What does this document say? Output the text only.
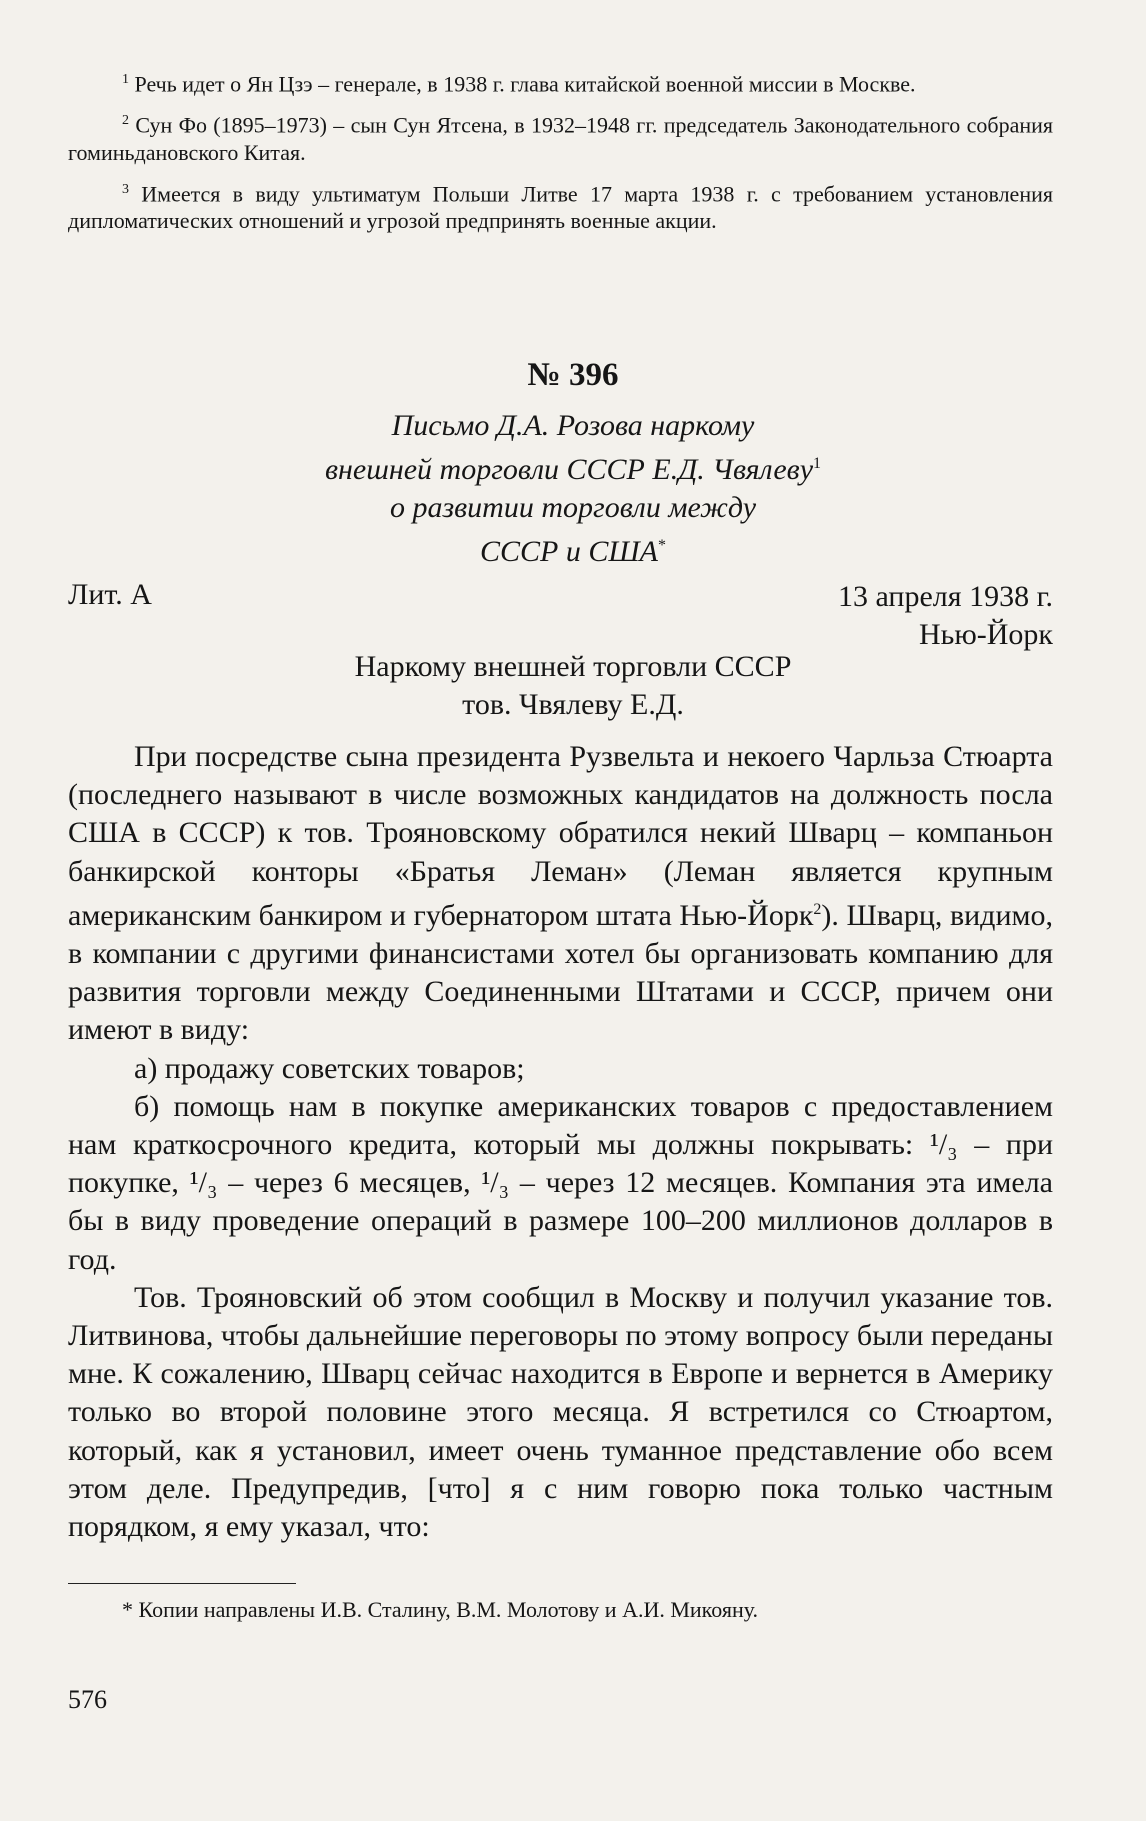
$^1$ Речь идет о Ян Цзэ – генерале, в 1938 г. глава китайской военной миссии в Москве.

$^2$ Сун Фо (1895–1973) – сын Сун Ятсена, в 1932–1948 гг. председатель Законодательного собрания гоминьдановского Китая.

$^3$ Имеется в виду ультиматум Польши Литве 17 марта 1938 г. с требованием установления дипломатических отношений и угрозой предпринять военные акции.

№ 396
Письмо Д.А. Розова наркому
внешней торговли СССР Е.Д. Чвялеву$^1$
о развитии торговли между
СССР и США*
Лит. А	13 апреля 1938 г.
Нью-Йорк
Наркому внешней торговли СССР
тов. Чвялеву Е.Д.

При посредстве сына президента Рузвельта и некоего Чарльза Стюарта (последнего называют в числе возможных кандидатов на должность посла США в СССР) к тов. Трояновскому обратился некий Шварц – компаньон банкирской конторы «Братья Леман» (Леман является крупным американским банкиром и губернатором штата Нью-Йорк$^2$). Шварц, видимо, в компании с другими финансистами хотел бы организовать компанию для развития торговли между Соединенными Штатами и СССР, причем они имеют в виду:

а) продажу советских товаров;

б) помощь нам в покупке американских товаров с предоставлением нам краткосрочного кредита, который мы должны покрывать: ¹/₃ – при покупке, ¹/₃ – через 6 месяцев, ¹/₃ – через 12 месяцев. Компания эта имела бы в виду проведение операций в размере 100–200 миллионов долларов в год.

Тов. Трояновский об этом сообщил в Москву и получил указание тов. Литвинова, чтобы дальнейшие переговоры по этому вопросу были переданы мне. К сожалению, Шварц сейчас находится в Европе и вернется в Америку только во второй половине этого месяца. Я встретился со Стюартом, который, как я установил, имеет очень туманное представление обо всем этом деле. Предупредив, [что] я с ним говорю пока только частным порядком, я ему указал, что:

* Копии направлены И.В. Сталину, В.М. Молотову и А.И. Микояну.
576
